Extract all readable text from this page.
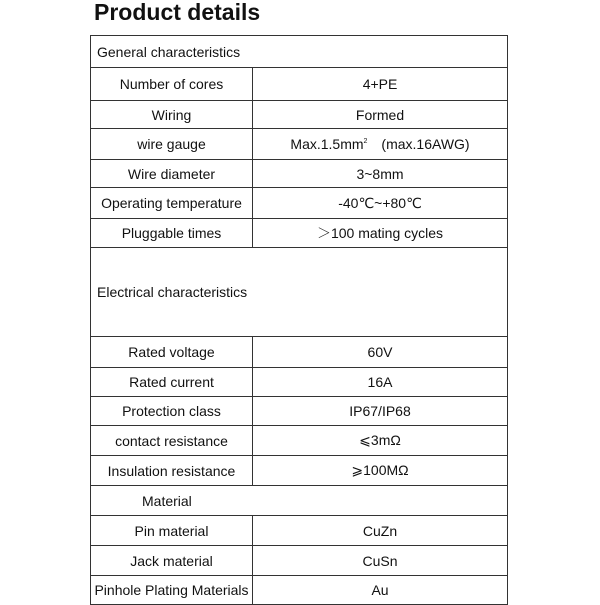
Product details
General characteristics	
Number of cores	4+PE
Wiring	Formed
wire gauge	$Max.1.5mm^2$　(max.16AWG)
Wire diameter	3~8mm
Operating temperature	-40℃~+80℃
Pluggable times	＞100 mating cycles
Electrical characteristics	
Rated voltage	60V
Rated current	16A
Protection class	IP67/IP68
contact resistance	⩽3mΩ
Insulation resistance	⩾100MΩ
Material	
Pin material	CuZn
Jack material	CuSn
Pinhole Plating Materials	Au
